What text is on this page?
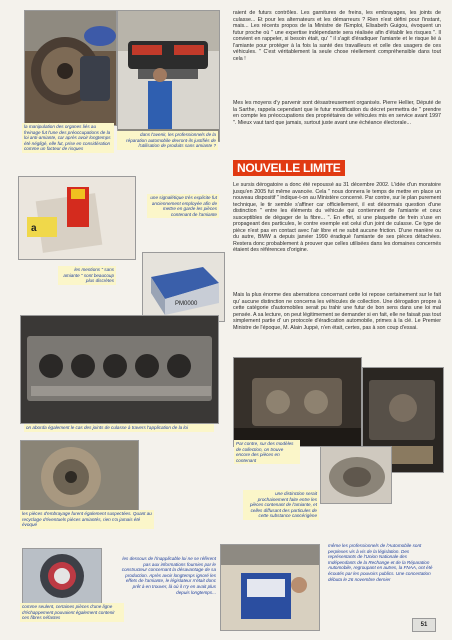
la manipulation des organes liés au freinage fut l'une des préoccupations de la loi anti-amiante, car après avoir longtemps été négligé, elle fut, prise en considération comme un facteur de risques
dans l'avenir, les professionnels de la réparation automobile devront-ils justifiés de l'utilisation de produits sans amiante ?
a
une signalétique très explicite fut anciennement employée afin de mettre en garde les pièces contenant de l'amiante
PM0000
les mentions " sans amiante " sont beaucoup plus discrètes
on aborda également le cas des joints de culasse à travers l'application de la loi
les pièces d'embrayage furent également suspectées. Quant au recyclage d'éventuels pièces amiantés, rien n'a jamais été évoqué
Par contre, sur des modèles de collection, on trouve encore des pièces en contenant
une distinction serait prochainement faite entre les pièces contenant de l'amiante, et celles diffusant des particules de cette substance cancérigène
comme seulent, certaines pièces d'une ligne d'échappement pouvaient également contenir ces fibres néfastes
les dessous de l'inapplicable loi ne se réfèrent pas aux informations fournies par le constructeur concernant la désavantage de sa production. Après avoir longtemps ignoré les effets de l'amiante, le législateur n'était donc prêt à en trouver, là où il n'y en avait plus depuis longtemps...
même les professionnels de l'Automobile sont perplexes vis à vis de la législation. Des représentants de l'Union Nationale des Indépendants de la Rechange et de la Réparation Automobile, regroupant en autres, la FNAA, ont été écoutés par les pouvoirs publics. Une concertation débuta le 26 novembre dernier

raient de futurs contrôles. Les garnitures de freins, les embrayages, les joints de culasse... Et pour les alternateurs et les démarreurs ? Rien n'est défini pour l'instant, mais... Les récents propos de la Ministre de l'Emploi, Elisabeth Guigou, évoquent un futur proche où " une expertise indépendante sera réalisée afin d'établir les risques ". Il convient en rappeler, si besoin était, qu' " il s'agit d'éradiquer l'amiante et le risque lié à l'amiante pour protéger à la fois la santé des travailleurs et celle des usagers de ces véhicules. " C'est véritablement la seule chose réellement compréhensible dans tout cela !

Mes les moyens d'y parvenir sont désastreusement organisés. Pierre Hellier, Député de la Sarthe, rappela cependant que le futur modification du décret permettra de " prendre en compte les préoccupations des propriétaires de véhicules mis en service avant 1997 ". Mieux vaut tard que jamais, surtout juste avant une échéance électorale...

NOUVELLE LIMITE

Le sursis dérogatoire a donc été repoussé au 31 décembre 2002. L'idée d'un moratoire jusqu'en 2005 fut même avancée. Cela " nous donnera le temps de mettre en place un nouveau dispositif " indique-t-on au Ministère concerné. Par contre, sur le plan purement technique, le tir semble s'affiner car officiellement, il est désormais question d'une distinction " entre les éléments du véhicule qui contiennent de l'amiante et ceux susceptibles de dégager de la fibre... ". En effet, si une plaquette de frein s'use en propageant des particules, le contre exemple est celui d'un joint de culasse. Ce type de pièce n'est pas en contact avec l'air libre et ne subit aucune friction. D'une manière ou du autre, BMW a depuis janvier 1990 éradiqué l'amiante de ses pièces détachées. Restera donc probablement à prouver que celles utilisées dans les domaines concernés étaient des références d'origine.

Mais la plus énorme des aberrations concernant cette loi repose certainement sur le fait qu' aucune distinction ne concerna les véhicules de collection. Une dérogation propre à cette catégorie d'automobiles serait pu trahir une futur de bon sens dans une loi mal pensée. A sa lecture, on peut légitimement se demander si en fait, elle ne faisait pas tout simplement partie d' un protocole d'éradication automobile, primes à la clé. Le Premier Ministre de l'époque, M. Alain Juppé, n'en était, certes, pas à son coup d'essai.

51
